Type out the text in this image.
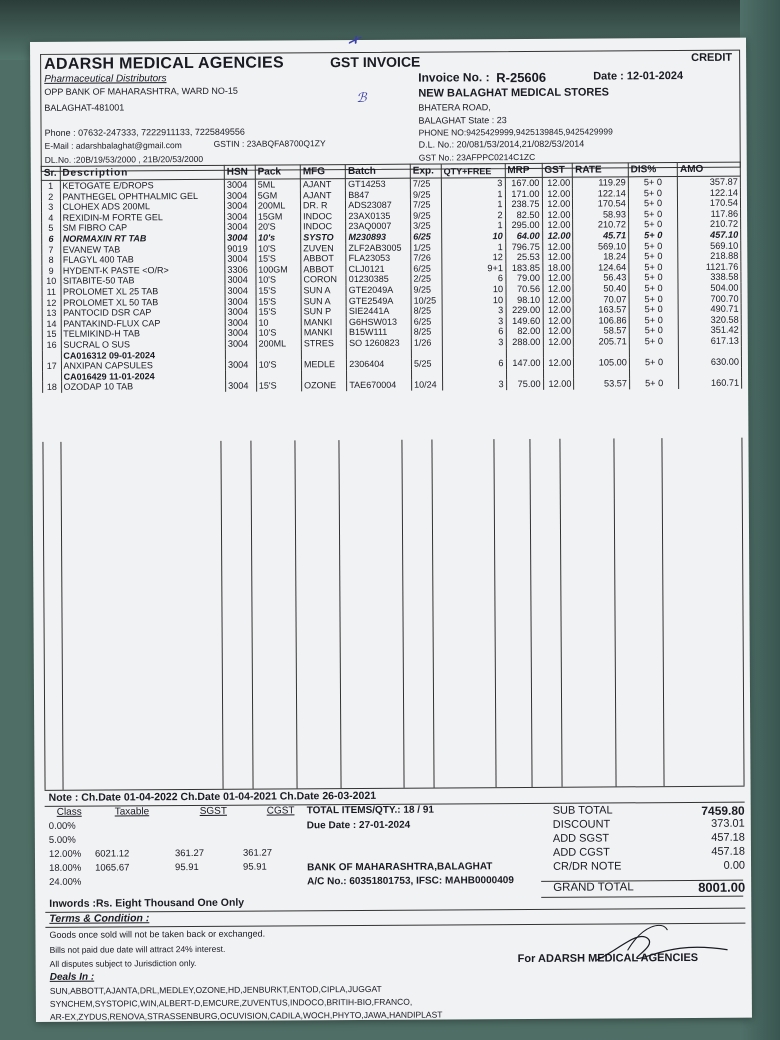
✗
ADARSH MEDICAL AGENCIES	GST INVOICE	CREDIT
Pharmaceutical Distributors
OPP BANK OF MAHARASHTRA, WARD NO-15
BALAGHAT-481001
Phone : 07632-247333, 7222911133, 7225849556
E-Mail : adarshbalaghat@gmail.com	GSTIN : 23ABQFA8700Q1ZY
DL.No. :20B/19/53/2000 , 21B/20/53/2000
ℬ
Invoice No. : R-25606	Date : 12-01-2024
NEW BALAGHAT MEDICAL STORES
BHATERA ROAD,
BALAGHAT State : 23
PHONE NO:9425429999,9425139845,9425429999
D.L. No.: 20/081/53/2014,21/082/53/2014
GST No.: 23AFPPC0214C1ZC
Sr.	Description	HSN	Pack	MFG	Batch	Exp.	QTY+FREE	MRP	GST	RATE	DIS%	AMO
1	KETOGATE E/DROPS	3004	5ML	AJANT	GT14253	7/25	3	167.00	12.00	119.29	5+ 0	357.87
2	PANTHEGEL OPHTHALMIC GEL	3004	5GM	AJANT	B847	9/25	1	171.00	12.00	122.14	5+ 0	122.14
3	CLOHEX ADS 200ML	3004	200ML	DR. R	ADS23087	7/25	1	238.75	12.00	170.54	5+ 0	170.54
4	REXIDIN-M FORTE GEL	3004	15GM	INDOC	23AX0135	9/25	2	82.50	12.00	58.93	5+ 0	117.86
5	SM FIBRO CAP	3004	20'S	INDOC	23AQ0007	3/25	1	295.00	12.00	210.72	5+ 0	210.72
6	NORMAXIN RT TAB	3004	10's	SYSTO	M230893	6/25	10	64.00	12.00	45.71	5+ 0	457.10
7	EVANEW TAB	9019	10'S	ZUVEN	ZLF2AB3005	1/25	1	796.75	12.00	569.10	5+ 0	569.10
8	FLAGYL 400 TAB	3004	15'S	ABBOT	FLA23053	7/26	12	25.53	12.00	18.24	5+ 0	218.88
9	HYDENT-K PASTE <O/R>	3306	100GM	ABBOT	CLJ0121	6/25	9+1	183.85	18.00	124.64	5+ 0	1121.76
10	SITABITE-50 TAB	3004	10'S	CORON	01230385	2/25	6	79.00	12.00	56.43	5+ 0	338.58
11	PROLOMET XL 25 TAB	3004	15'S	SUN A	GTE2049A	9/25	10	70.56	12.00	50.40	5+ 0	504.00
12	PROLOMET XL 50 TAB	3004	15'S	SUN A	GTE2549A	10/25	10	98.10	12.00	70.07	5+ 0	700.70
13	PANTOCID DSR CAP	3004	15'S	SUN P	SIE2441A	8/25	3	229.00	12.00	163.57	5+ 0	490.71
14	PANTAKIND-FLUX CAP	3004	10	MANKI	G6HSW013	6/25	3	149.60	12.00	106.86	5+ 0	320.58
15	TELMIKIND-H TAB	3004	10'S	MANKI	B15W111	8/25	6	82.00	12.00	58.57	5+ 0	351.42
16	SUCRAL O SUS	3004	200ML	STRES	SO 1260823	1/26	3	288.00	12.00	205.71	5+ 0	617.13
	CA016312 09-01-2024											
17	ANXIPAN CAPSULES	3004	10'S	MEDLE	2306404	5/25	6	147.00	12.00	105.00	5+ 0	630.00
	CA016429 11-01-2024											
18	OZODAP 10 TAB	3004	15'S	OZONE	TAE670004	10/24	3	75.00	12.00	53.57	5+ 0	160.71
Note : Ch.Date 01-04-2022 Ch.Date 01-04-2021 Ch.Date 26-03-2021
Class	Taxable	SGST	CGST
0.00%
5.00%
12.00% 6021.12	361.27	361.27
18.00% 1065.67	95.91	95.91
24.00%
TOTAL ITEMS/QTY.: 18 / 91
Due Date : 27-01-2024
BANK OF MAHARASHTRA,BALAGHAT
A/C No.: 60351801753, IFSC: MAHB0000409
SUB TOTAL	7459.80
DISCOUNT	373.01
ADD SGST	457.18
ADD CGST	457.18
CR/DR NOTE	0.00
GRAND TOTAL	8001.00
Inwords :Rs. Eight Thousand One Only
Terms & Condition :
Goods once sold will not be taken back or exchanged.
Bills not paid due date will attract 24% interest.
All disputes subject to Jurisdiction only.
Deals In :
SUN,ABBOTT,AJANTA,DRL,MEDLEY,OZONE,HD,JENBURKT,ENTOD,CIPLA,JUGGAT
SYNCHEM,SYSTOPIC,WIN,ALBERT-D,EMCURE,ZUVENTUS,INDOCO,BRITIH-BIO,FRANCO,
AR-EX,ZYDUS,RENOVA,STRASSENBURG,OCUVISION,CADILA,WOCH,PHYTO,JAWA,HANDIPLAST
For ADARSH MEDICAL AGENCIES
